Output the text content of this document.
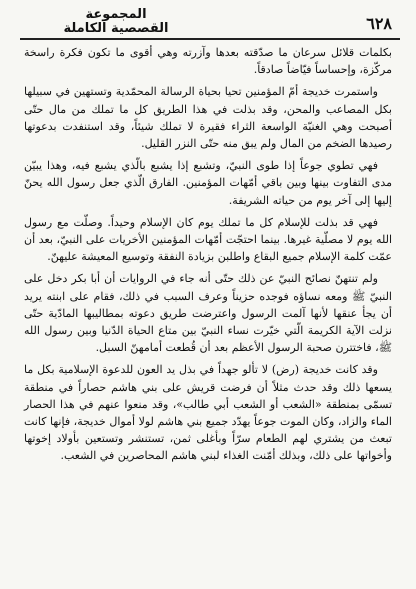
٦٢٨
المجموعة
القصصية الكاملة

بكلمات قلائل سرعان ما صدّقته بعدها وآزرته وهي أقوى ما تكون فكرة راسخة مركّزة، وإحساساً فيّاضاً صادقاً.

واستمرت خديجة أمّ المؤمنين تحيا بحياة الرسالة المحمّدية وتستهين في سبيلها بكل المصاعب والمحن، وقد بذلت في هذا الطريق كل ما تملك من مال حتّى أصبحت وهي الغنيّة الواسعة الثراء فقيرة لا تملك شيئاً، وقد استنفدت بدعوتها رصيدها الضخم من المال ولم يبق منه حتّى النزر القليل.

فهي تطوي جوعاً إذا طوى النبيّ، وتشبع إذا يشبع بالّذي يشبع فيه، وهذا يبيّن مدى التفاوت بينها وبين باقي أمّهات المؤمنين. الفارق الّذي جعل رسول الله يحنّ إليها إلى آخر يوم من حياته الشريفة.

فهي قد بذلت للإسلام كل ما تملك يوم كان الإسلام وحيداً. وصلّت مع رسول الله يوم لا مصلّية غيرها. بينما احتجّت أمّهات المؤمنين الأخريات على النبيّ، بعد أن عمّت كلمة الإسلام جميع البقاع واطلبن بزيادة النفقة وتوسيع المعيشة عليهنّ.

ولم تنتهنّ نصائح النبيّ عن ذلك حتّى أنه جاء في الروايات أن أبا بكر دخل على النبيّ ﷺ ومعه نساؤه فوجده حزيناً وعرف السبب في ذلك، فقام على ابنته يريد أن يجأ عنقها لأنها آلمت الرسول واعترضت طريق دعوته بمطاليبها المادّية حتّى نزلت الآية الكريمة الّتي خيّرت نساء النبيّ بين متاع الحياة الدّنيا وبين رسول الله ﷺ، فاختترن صحبة الرسول الأعظم بعد أن قُطعت أمامهنّ السبل.

وقد كانت خديجة (رض) لا تألو جهداً في بذل يد العون للدعوة الإسلامية بكل ما يسعها ذلك وقد حدث مثلاً أن فرضت قريش على بني هاشم حصاراً في منطقة تسمّى بمنطقة «الشعب أو الشعب أبي طالب»، وقد منعوا عنهم في هذا الحصار الماء والزاد، وكان الموت جوعاً يهدّد جميع بني هاشم لولا أموال خديجة، فإنها كانت تبعث من يشتري لهم الطعام سرّاً وبأغلى ثمن، تستنشر وتستعين بأولاد إخوتها وأخواتها على ذلك، وبذلك أمّنت الغذاء لبني هاشم المحاصرين في الشعب.
